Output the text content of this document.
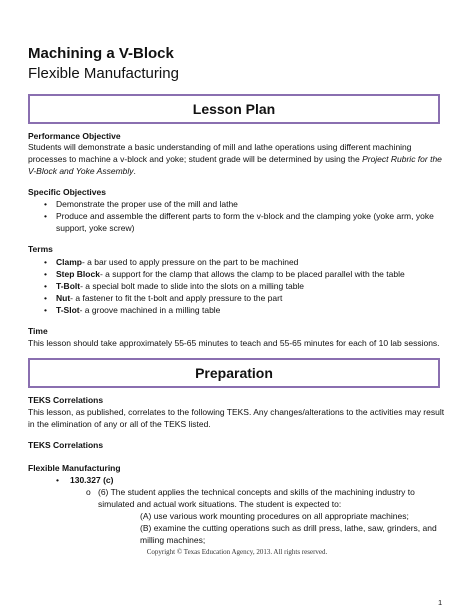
Machining a V-Block
Flexible Manufacturing
Lesson Plan
Performance Objective
Students will demonstrate a basic understanding of mill and lathe operations using different machining
processes to machine a v-block and yoke; student grade will be determined by using the Project Rubric for the
V-Block and Yoke Assembly.
Specific Objectives
• Demonstrate the proper use of the mill and lathe
• Produce and assemble the different parts to form the v-block and the clamping yoke (yoke arm, yoke
support, yoke screw)
Terms
• Clamp- a bar used to apply pressure on the part to be machined
• Step Block- a support for the clamp that allows the clamp to be placed parallel with the table
• T-Bolt- a special bolt made to slide into the slots on a milling table
• Nut- a fastener to fit the t-bolt and apply pressure to the part
• T-Slot- a groove machined in a milling table
Time
This lesson should take approximately 55-65 minutes to teach and 55-65 minutes for each of 10 lab sessions.
Preparation
TEKS Correlations
This lesson, as published, correlates to the following TEKS. Any changes/alterations to the activities may result
in the elimination of any or all of the TEKS listed.
TEKS Correlations
Flexible Manufacturing
• 130.327 (c)
o (6) The student applies the technical concepts and skills of the machining industry to
simulated and actual work situations. The student is expected to:
(A) use various work mounting procedures on all appropriate machines;
(B) examine the cutting operations such as drill press, lathe, saw, grinders, and
milling machines;
Copyright © Texas Education Agency, 2013. All rights reserved.
1
